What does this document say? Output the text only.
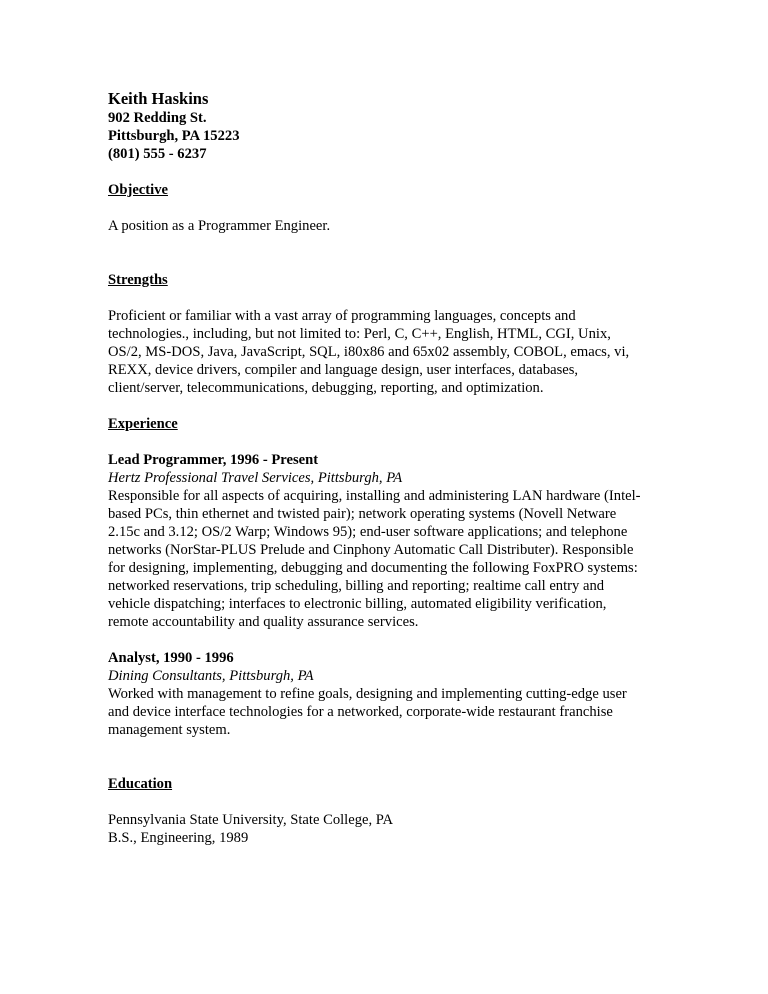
Keith Haskins
902 Redding St.
Pittsburgh, PA 15223
(801) 555 - 6237
Objective
A position as a Programmer Engineer.
Strengths
Proficient or familiar with a vast array of programming languages, concepts and
technologies., including, but not limited to: Perl, C, C++, English, HTML, CGI, Unix,
OS/2, MS-DOS, Java, JavaScript, SQL, i80x86 and 65x02 assembly, COBOL, emacs, vi,
REXX, device drivers, compiler and language design, user interfaces, databases,
client/server, telecommunications, debugging, reporting, and optimization.
Experience
Lead Programmer, 1996 - Present
Hertz Professional Travel Services, Pittsburgh, PA
Responsible for all aspects of acquiring, installing and administering LAN hardware (Intel-
based PCs, thin ethernet and twisted pair); network operating systems (Novell Netware
2.15c and 3.12; OS/2 Warp; Windows 95); end-user software applications; and telephone
networks (NorStar-PLUS Prelude and Cinphony Automatic Call Distributer). Responsible
for designing, implementing, debugging and documenting the following FoxPRO systems:
networked reservations, trip scheduling, billing and reporting; realtime call entry and
vehicle dispatching; interfaces to electronic billing, automated eligibility verification,
remote accountability and quality assurance services.
Analyst, 1990 - 1996
Dining Consultants, Pittsburgh, PA
Worked with management to refine goals, designing and implementing cutting-edge user
and device interface technologies for a networked, corporate-wide restaurant franchise
management system.
Education
Pennsylvania State University, State College, PA
B.S., Engineering, 1989
